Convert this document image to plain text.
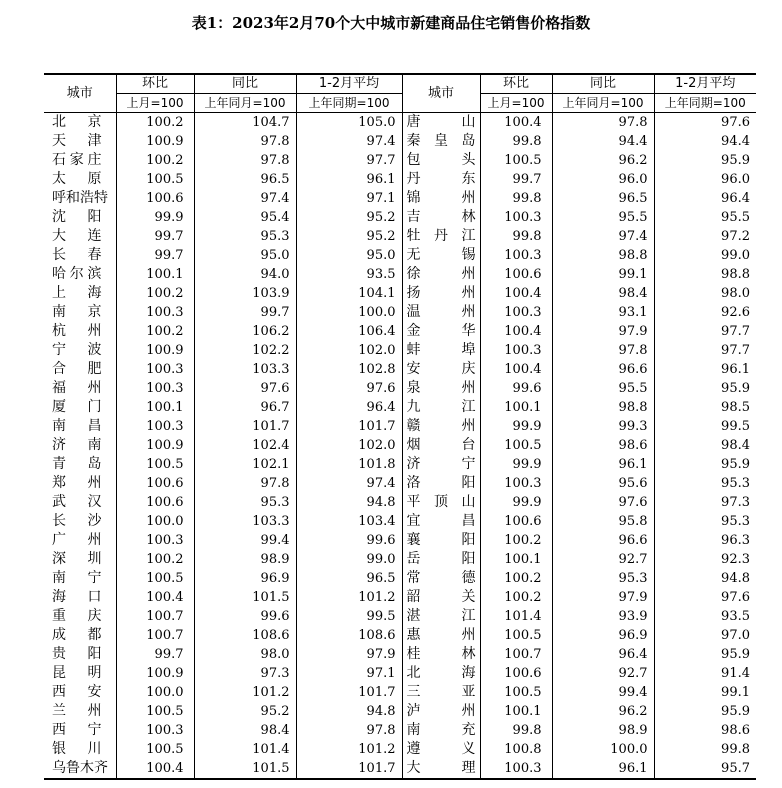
表1：2023年2月70个大中城市新建商品住宅销售价格指数
城市	环比	同比	1-2月平均	城市	环比	同比	1-2月平均
	上月=100	上年同月=100	上年同期=100		上月=100	上年同月=100	上年同期=100
北京	100.2	104.7	105.0	唐山	100.4	97.8	97.6
天津	100.9	97.8	97.4	秦皇岛	99.8	94.4	94.4
石家庄	100.2	97.8	97.7	包头	100.5	96.2	95.9
太原	100.5	96.5	96.1	丹东	99.7	96.0	96.0
呼和浩特	100.6	97.4	97.1	锦州	99.8	96.5	96.4
沈阳	99.9	95.4	95.2	吉林	100.3	95.5	95.5
大连	99.7	95.3	95.2	牡丹江	99.8	97.4	97.2
长春	99.7	95.0	95.0	无锡	100.3	98.8	99.0
哈尔滨	100.1	94.0	93.5	徐州	100.6	99.1	98.8
上海	100.2	103.9	104.1	扬州	100.4	98.4	98.0
南京	100.3	99.7	100.0	温州	100.3	93.1	92.6
杭州	100.2	106.2	106.4	金华	100.4	97.9	97.7
宁波	100.9	102.2	102.0	蚌埠	100.3	97.8	97.7
合肥	100.3	103.3	102.8	安庆	100.4	96.6	96.1
福州	100.3	97.6	97.6	泉州	99.6	95.5	95.9
厦门	100.1	96.7	96.4	九江	100.1	98.8	98.5
南昌	100.3	101.7	101.7	赣州	99.9	99.3	99.5
济南	100.9	102.4	102.0	烟台	100.5	98.6	98.4
青岛	100.5	102.1	101.8	济宁	99.9	96.1	95.9
郑州	100.6	97.8	97.4	洛阳	100.3	95.6	95.3
武汉	100.6	95.3	94.8	平顶山	99.9	97.6	97.3
长沙	100.0	103.3	103.4	宜昌	100.6	95.8	95.3
广州	100.3	99.4	99.6	襄阳	100.2	96.6	96.3
深圳	100.2	98.9	99.0	岳阳	100.1	92.7	92.3
南宁	100.5	96.9	96.5	常德	100.2	95.3	94.8
海口	100.4	101.5	101.2	韶关	100.2	97.9	97.6
重庆	100.7	99.6	99.5	湛江	101.4	93.9	93.5
成都	100.7	108.6	108.6	惠州	100.5	96.9	97.0
贵阳	99.7	98.0	97.9	桂林	100.7	96.4	95.9
昆明	100.9	97.3	97.1	北海	100.6	92.7	91.4
西安	100.0	101.2	101.7	三亚	100.5	99.4	99.1
兰州	100.5	95.2	94.8	泸州	100.1	96.2	95.9
西宁	100.3	98.4	97.8	南充	99.8	98.9	98.6
银川	100.5	101.4	101.2	遵义	100.8	100.0	99.8
乌鲁木齐	100.4	101.5	101.7	大理	100.3	96.1	95.7
